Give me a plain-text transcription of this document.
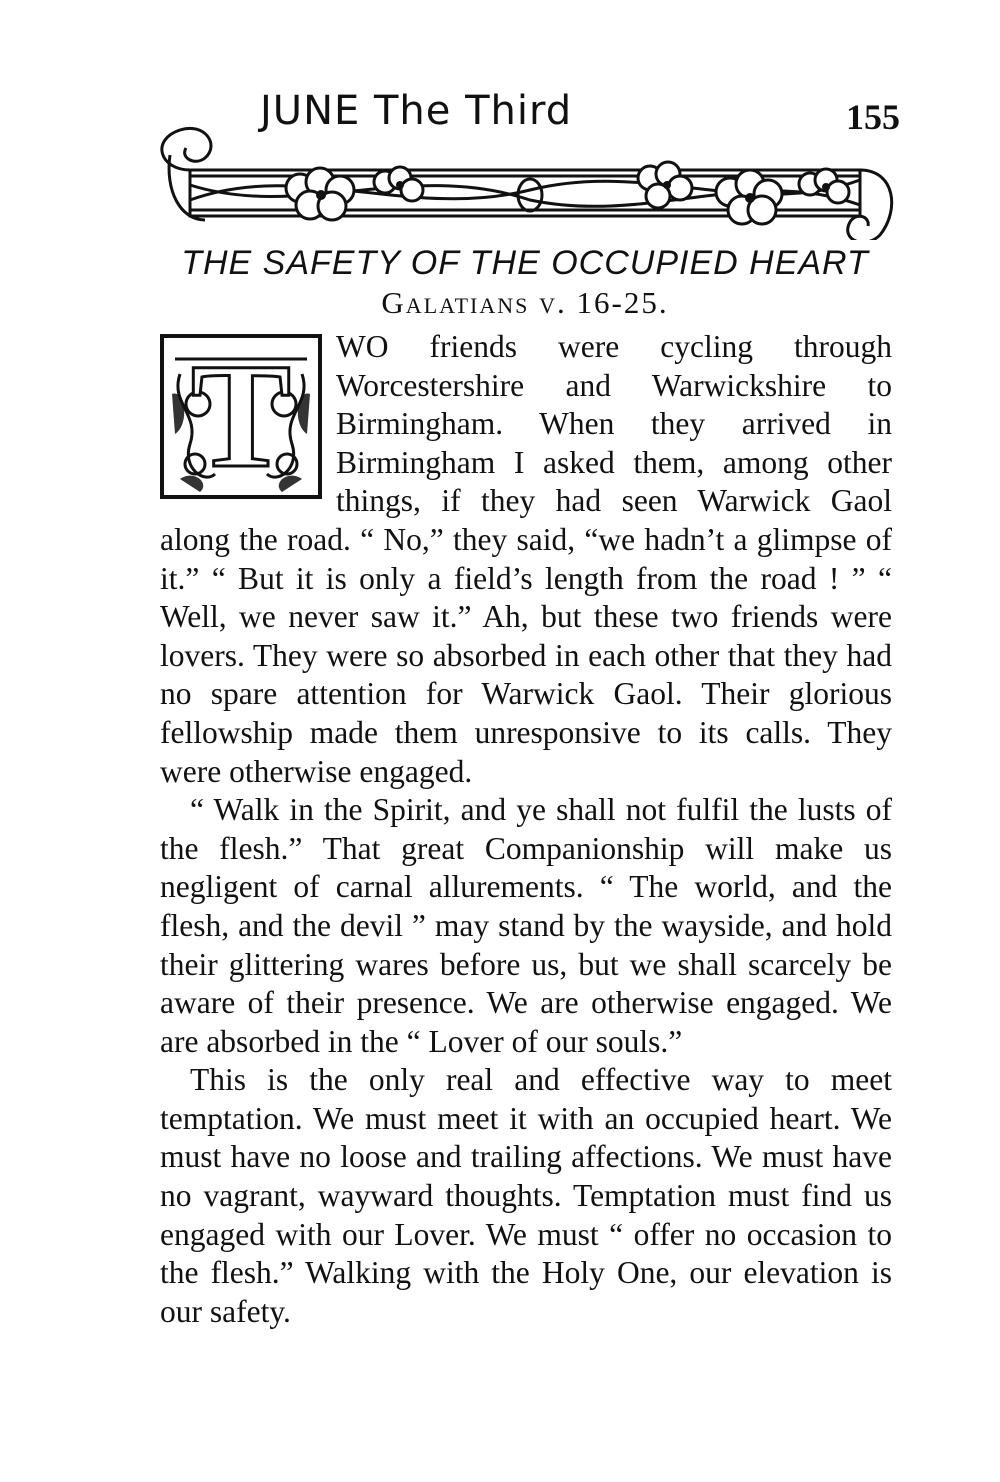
JUNE The Third	155
THE SAFETY OF THE OCCUPIED HEART
Galatians v. 16-25.
T	WO friends were cycling through Worcestershire and Warwickshire to Birmingham. When they arrived in Birmingham I asked them, among other things, if they had seen Warwick Gaol along the road. “ No,” they said, “we hadn’t a glimpse of it.” “ But it is only a field’s length from the road ! ” “ Well, we never saw it.” Ah, but these two friends were lovers. They were so absorbed in each other that they had no spare attention for Warwick Gaol. Their glorious fellowship made them unresponsive to its calls. They were otherwise engaged.

“ Walk in the Spirit, and ye shall not fulfil the lusts of the flesh.” That great Companionship will make us negligent of carnal allurements. “ The world, and the flesh, and the devil ” may stand by the wayside, and hold their glittering wares before us, but we shall scarcely be aware of their presence. We are otherwise engaged. We are absorbed in the “ Lover of our souls.”

This is the only real and effective way to meet temptation. We must meet it with an occupied heart. We must have no loose and trailing affections. We must have no vagrant, wayward thoughts. Temptation must find us engaged with our Lover. We must “ offer no occasion to the flesh.” Walking with the Holy One, our elevation is our safety.
